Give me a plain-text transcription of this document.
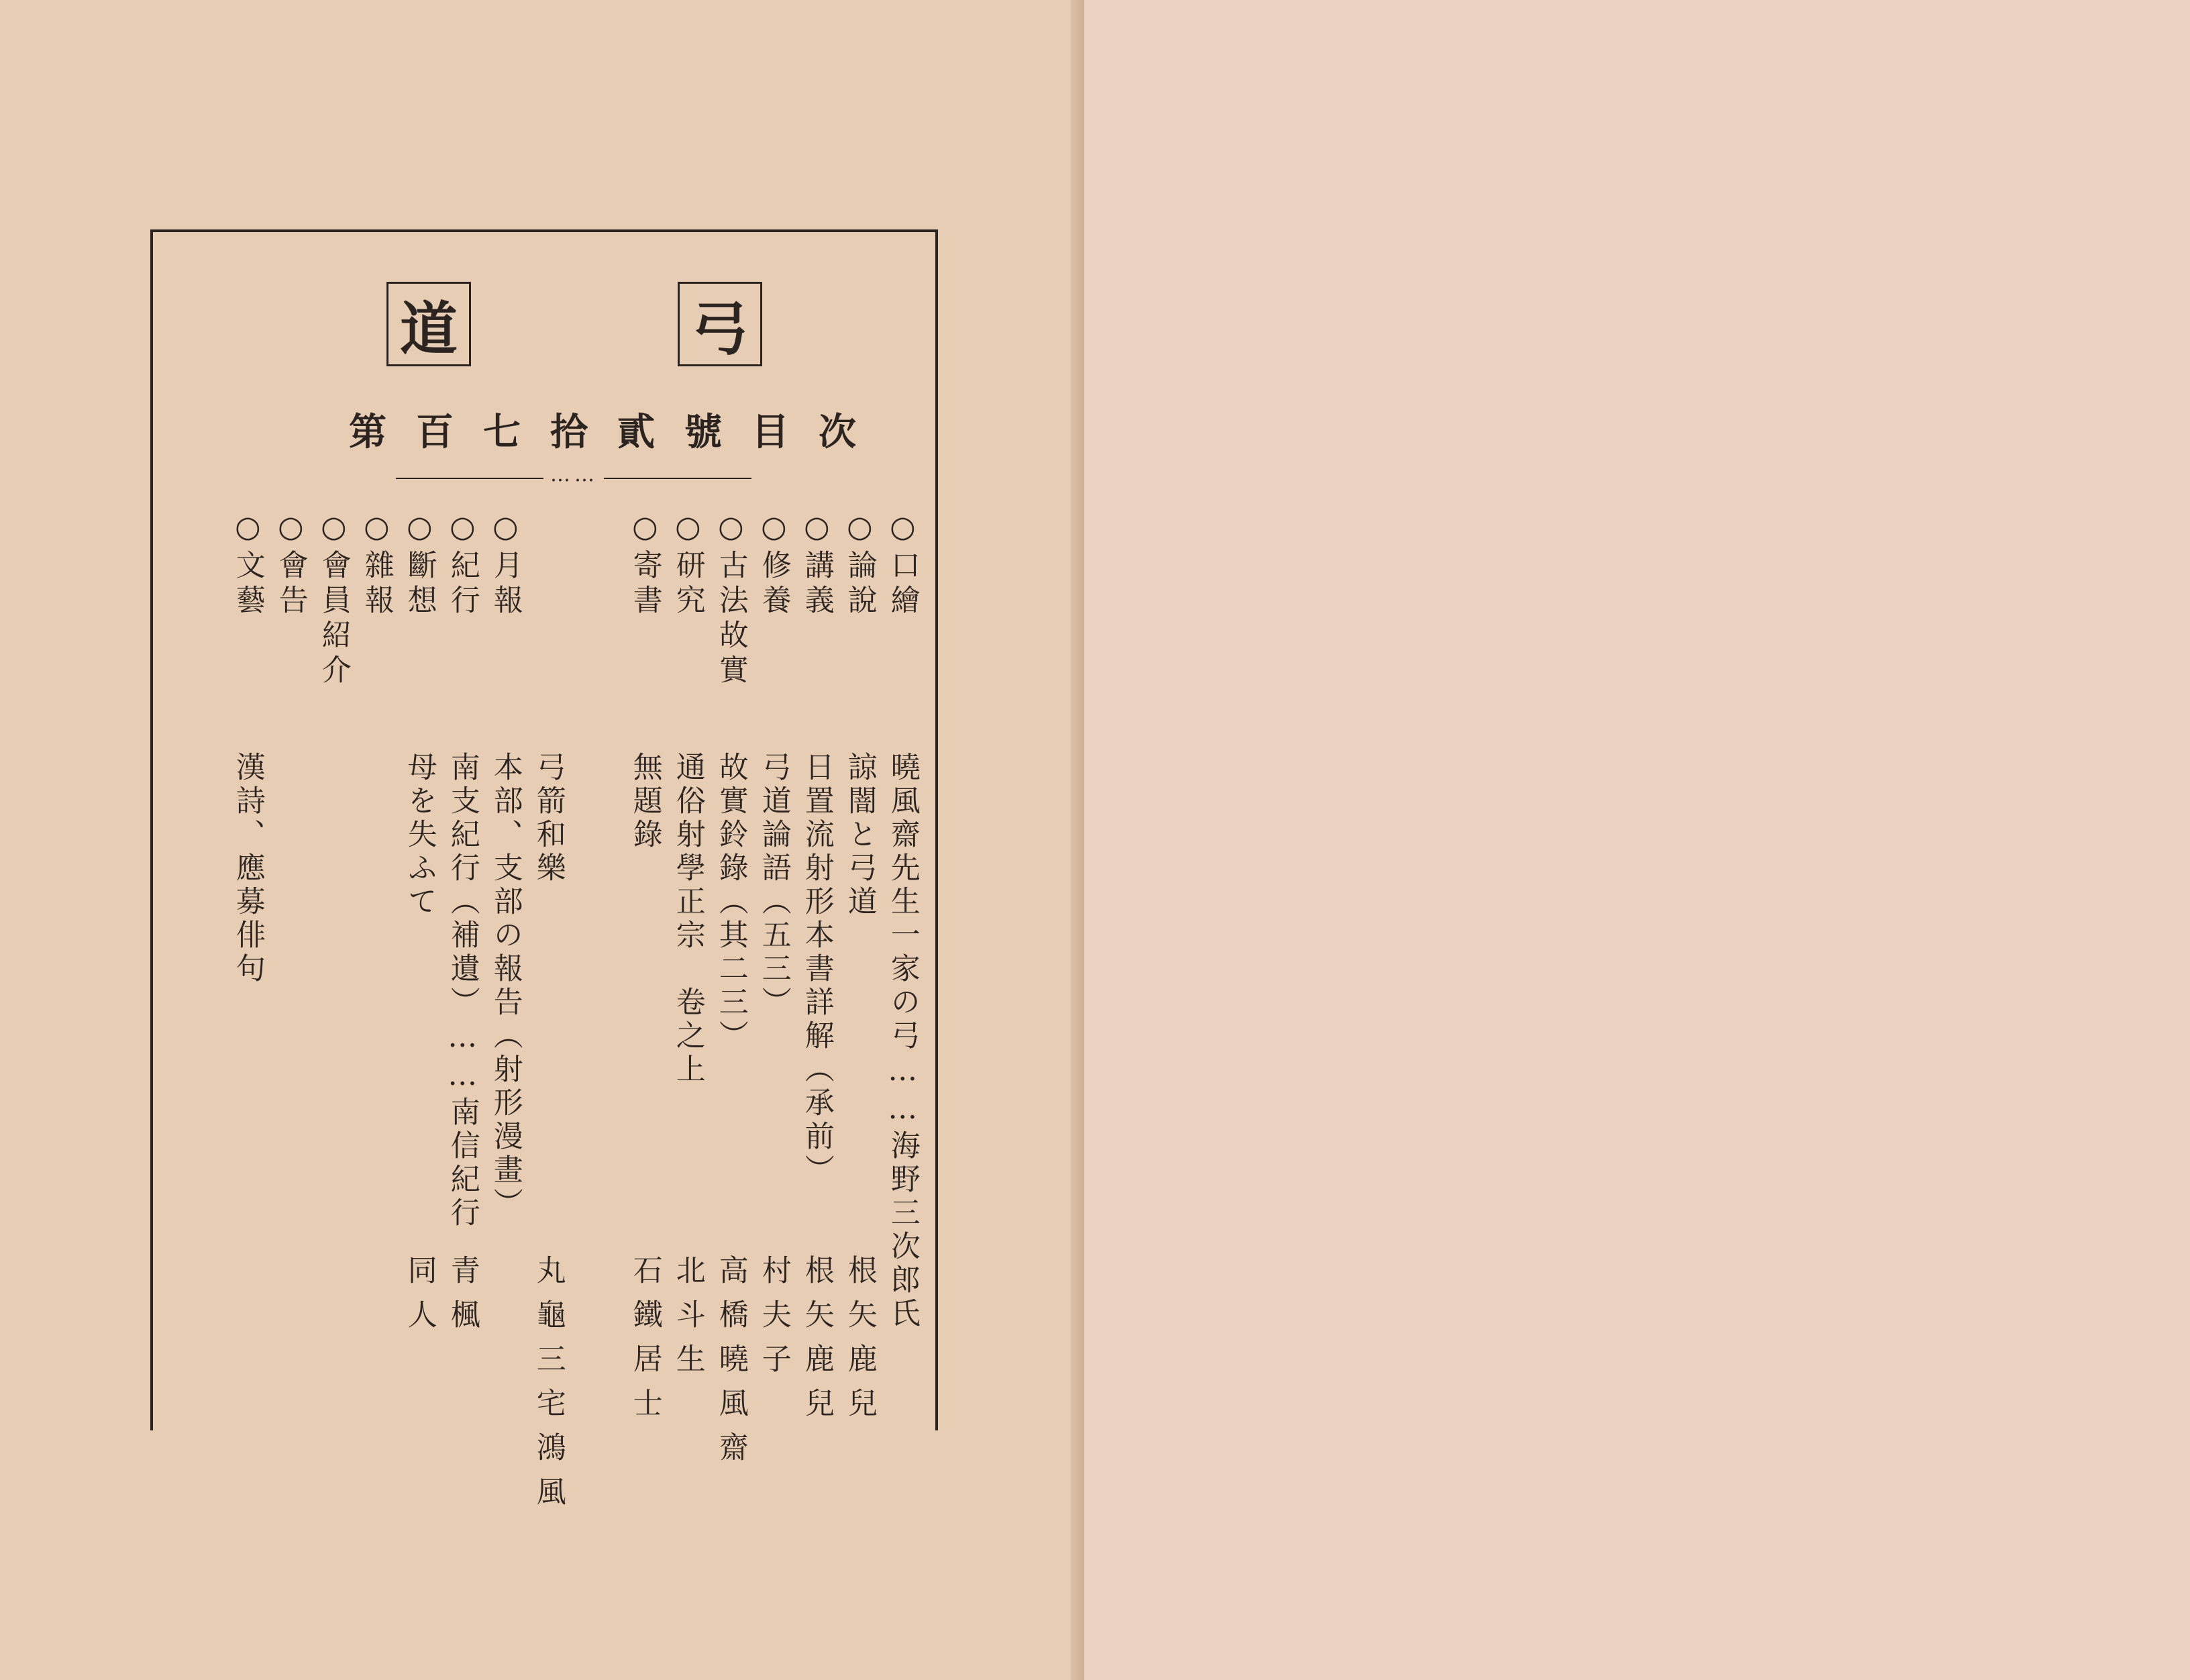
道	弓
第百七拾貳號目次
……
○口繪
曉風齋先生一家の弓……海野三次郎氏
○論說
諒闇と弓道
根矢鹿兒
○講義
日置流射形本書詳解（承前）
根矢鹿兒
○修養
弓道論語（五三）
村夫子
○古法故實
故實鈴錄（其二三）
高橋曉風齋
○研究
通俗射學正宗　卷之上
北斗生
○寄書
無題錄
石鐵居士
弓箭和樂
丸龜三宅鴻風
○月報
本部、支部の報告（射形漫畫）
○紀行
南支紀行（補遺）……南信紀行
青楓
○斷想
母を失ふて
同人
○雜報
○會員紹介
○會告
○文藝
漢詩、應募俳句
